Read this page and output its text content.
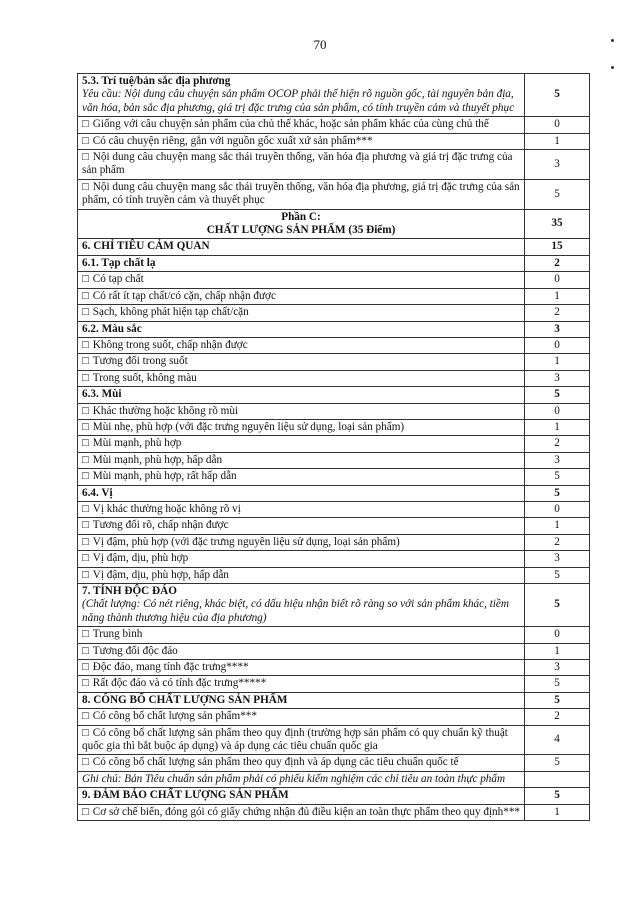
70
5.3. Trí tuệ/bản sắc địa phương
Yêu cầu: Nội dung câu chuyện sản phẩm OCOP phải thể hiện rõ nguồn gốc, tài nguyên bản địa, văn hóa, bản sắc địa phương, giá trị đặc trưng của sản phẩm, có tính truyền cảm và thuyết phục	5
□ Giống với câu chuyện sản phẩm của chủ thể khác, hoặc sản phẩm khác của cùng chủ thể	0
□ Có câu chuyện riêng, gắn với nguồn gốc xuất xứ sản phẩm***	1
□ Nội dung câu chuyện mang sắc thái truyền thống, văn hóa địa phương và giá trị đặc trưng của sản phẩm	3
□ Nội dung câu chuyện mang sắc thái truyền thống, văn hóa địa phương, giá trị đặc trưng của sản phẩm, có tính truyền cảm và thuyết phục	5

Phần C:
CHẤT LƯỢNG SẢN PHẨM (35 Điểm)	35
6. CHỈ TIÊU CẢM QUAN	15
6.1. Tạp chất lạ	2
□ Có tạp chất	0
□ Có rất ít tạp chất/có cặn, chấp nhận được	1
□ Sạch, không phát hiện tạp chất/cặn	2
6.2. Màu sắc	3
□ Không trong suốt, chấp nhận được	0
□ Tương đối trong suốt	1
□ Trong suốt, không màu	3
6.3. Mùi	5
□ Khác thường hoặc không rõ mùi	0
□ Mùi nhẹ, phù hợp (với đặc trưng nguyên liệu sử dụng, loại sản phẩm)	1
□ Mùi mạnh, phù hợp	2
□ Mùi mạnh, phù hợp, hấp dẫn	3
□ Mùi mạnh, phù hợp, rất hấp dẫn	5
6.4. Vị	5
□ Vị khác thường hoặc không rõ vị	0
□ Tương đối rõ, chấp nhận được	1
□ Vị đậm, phù hợp (với đặc trưng nguyên liệu sử dụng, loại sản phẩm)	2
□ Vị đậm, dịu, phù hợp	3
□ Vị đậm, dịu, phù hợp, hấp dẫn	5

7. TÍNH ĐỘC ĐÁO
(Chất lượng: Có nét riêng, khác biệt, có dấu hiệu nhận biết rõ ràng so với sản phẩm khác, tiềm năng thành thương hiệu của địa phương)	5
□ Trung bình	0
□ Tương đối độc đáo	1
□ Độc đáo, mang tính đặc trưng****	3
□ Rất độc đáo và có tính đặc trưng*****	5
8. CÔNG BỐ CHẤT LƯỢNG SẢN PHẨM	5
□ Có công bố chất lượng sản phẩm***	2
□ Có công bố chất lượng sản phẩm theo quy định (trường hợp sản phẩm có quy chuẩn kỹ thuật quốc gia thì bắt buộc áp dụng) và áp dụng các tiêu chuẩn quốc gia	4
□ Có công bố chất lượng sản phẩm theo quy định và áp dụng các tiêu chuẩn quốc tế	5
Ghi chú: Bản Tiêu chuẩn sản phẩm phải có phiếu kiểm nghiệm các chỉ tiêu an toàn thực phẩm	
9. ĐẢM BẢO CHẤT LƯỢNG SẢN PHẨM	5
□ Cơ sở chế biến, đóng gói có giấy chứng nhận đủ điều kiện an toàn thực phẩm theo quy định***	1
